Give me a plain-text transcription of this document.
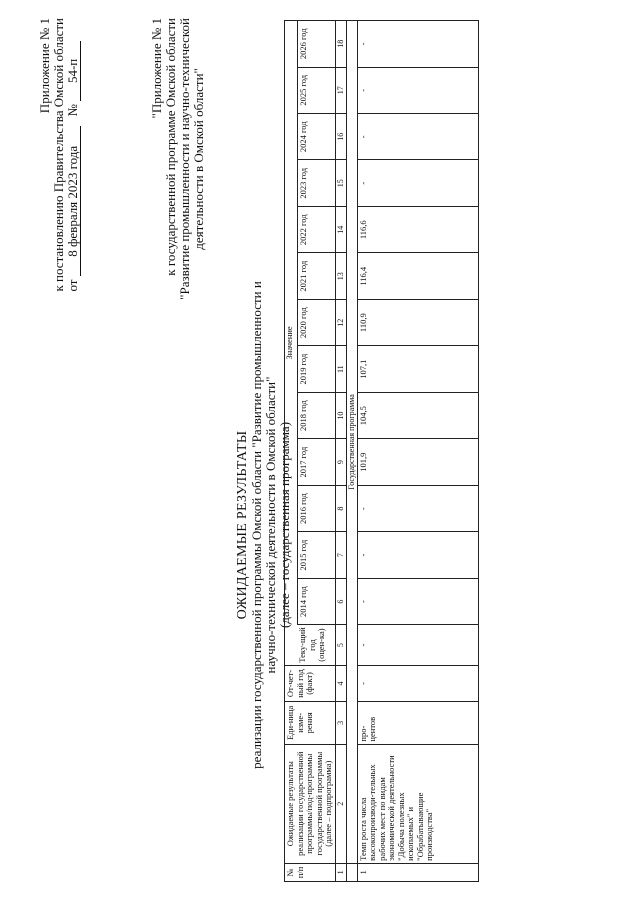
Приложение № 1 к постановлению Правительства Омской области от 8 февраля 2023 года   № 54-п	"Приложение № 1 к государственной программе Омской области "Развитие промышленности и научно-технической деятельности в Омской области"
ОЖИДАЕМЫЕ РЕЗУЛЬТАТЫ реализации государственной программы Омской области "Развитие промышленности и научно-технической деятельности в Омской области" (далее – государственная программа)
№ п/п	Ожидаемые результаты реализации государственной программы/под-программы государственной программы (далее – подпрограмма)	Еди-ница изме-рения	От-чет-ный год (факт)	Значение													
				Теку-щий год (оцен-ка)	2014 год	2015 год	2016 год	2017 год	2018 год	2019 год	2020 год	2021 год	2022 год	2023 год	2024 год	2025 год	2026 год
1	2	3	4	5	6	7	8	9	10	11	12	13	14	15	16	17	18
	Государственная программа																
1	Темп роста числа высокопроизводи-тельных рабочих мест по видам экономической деятельности "Добыча полезных ископаемых" и "Обрабатывающие производства"	про-центов	-	-	-	-	-	101,9	104,5	107,1	110,9	116,4	116,6	-	-	-	-
